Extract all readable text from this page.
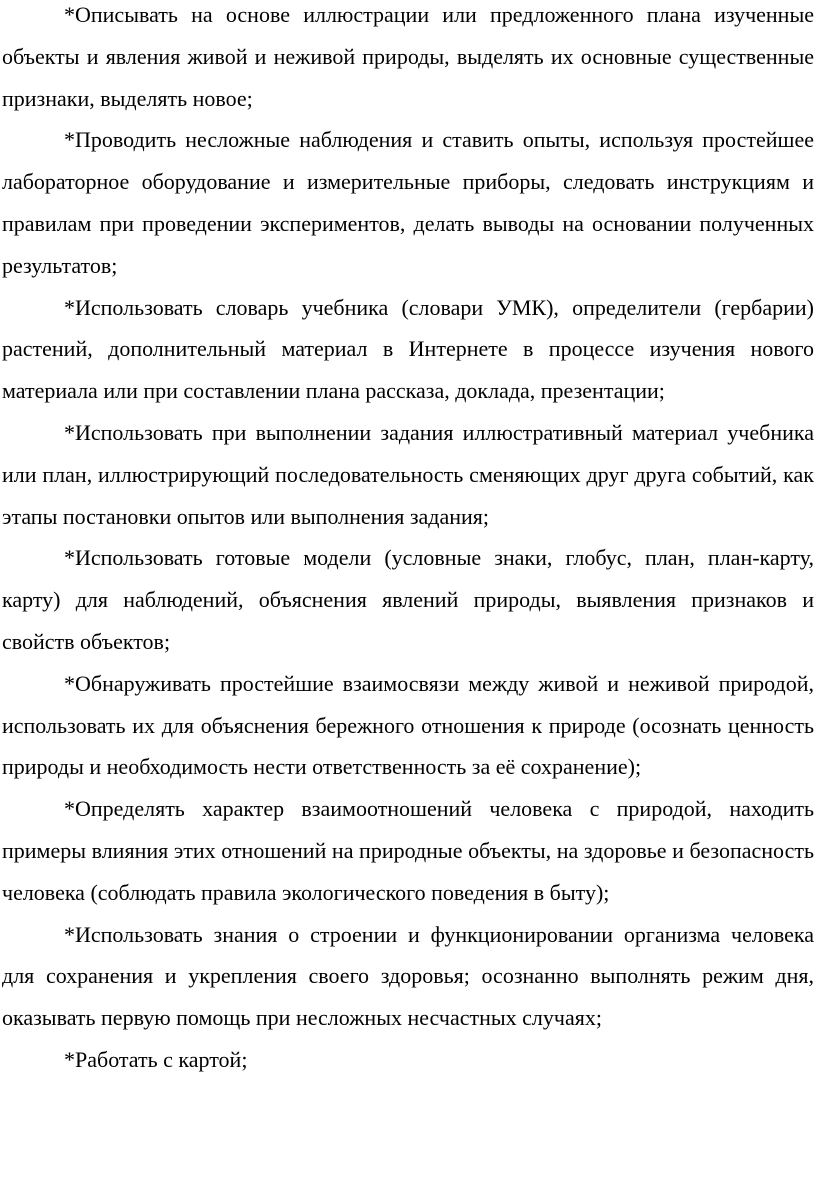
*Описывать на основе иллюстрации или предложенного плана изученные объекты и явления живой и неживой природы, выделять их основные существенные признаки, выделять новое;

*Проводить несложные наблюдения и ставить опыты, используя простейшее лабораторное оборудование и измерительные приборы, следовать инструкциям и правилам при проведении экспериментов, делать выводы на основании полученных результатов;

*Использовать словарь учебника (словари УМК), определители (гербарии) растений, дополнительный материал в Интернете в процессе изучения нового материала или при составлении плана рассказа, доклада, презентации;

*Использовать при выполнении задания иллюстративный материал учебника или план, иллюстрирующий последовательность сменяющих друг друга событий, как этапы постановки опытов или выполнения задания;

*Использовать готовые модели (условные знаки, глобус, план, план-карту, карту) для наблюдений, объяснения явлений природы, выявления признаков и свойств объектов;

*Обнаруживать простейшие взаимосвязи между живой и неживой природой, использовать их для объяснения бережного отношения к природе (осознать ценность природы и необходимость нести ответственность за её сохранение);

*Определять характер взаимоотношений человека с природой, находить примеры влияния этих отношений на природные объекты, на здоровье и безопасность человека (соблюдать правила экологического поведения в быту);

*Использовать знания о строении и функционировании организма человека для сохранения и укрепления своего здоровья; осознанно выполнять режим дня, оказывать первую помощь при несложных несчастных случаях;

*Работать с картой;
